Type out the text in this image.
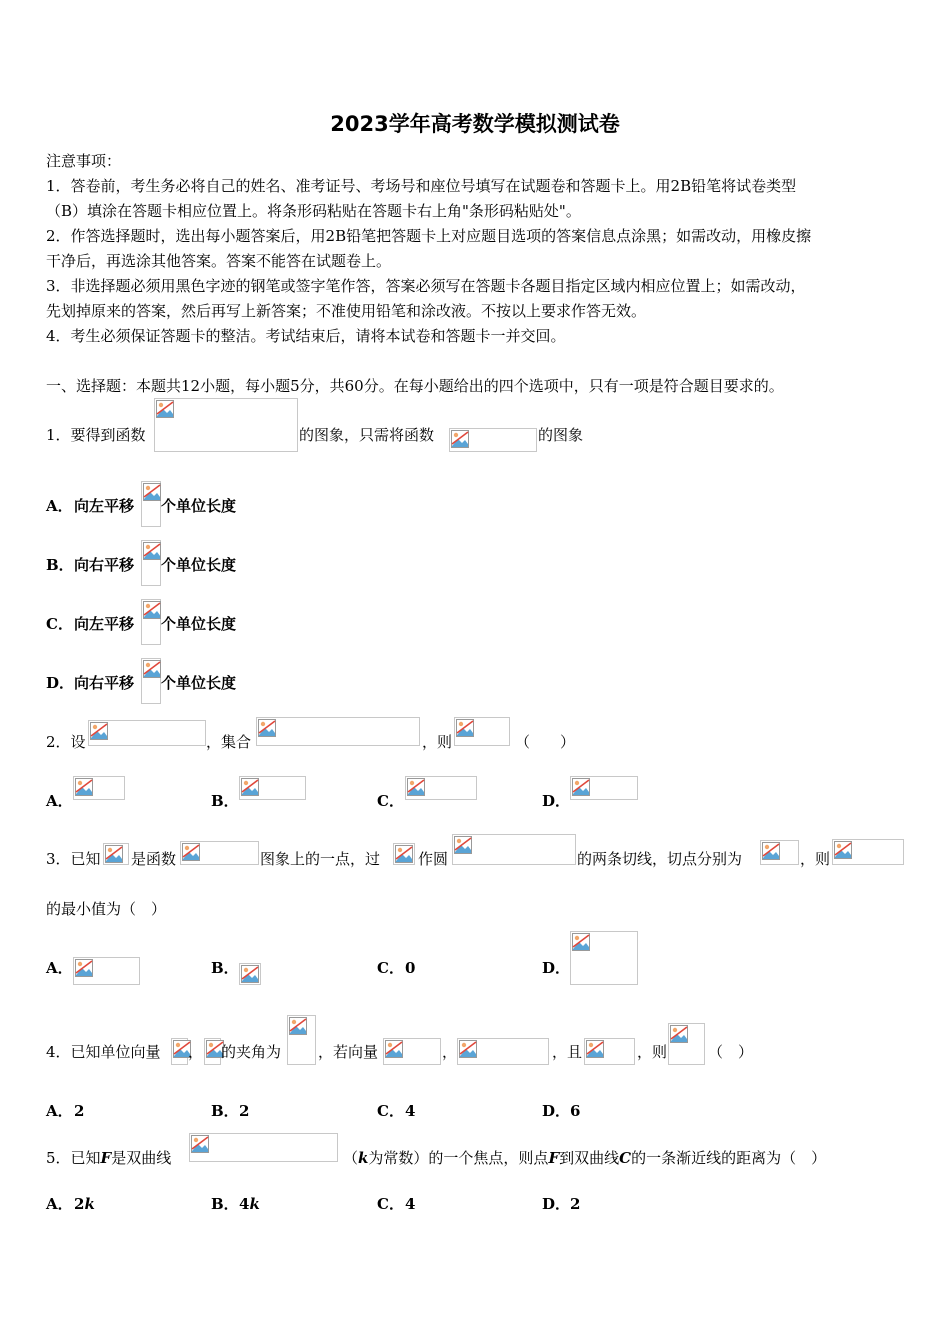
2023学年高考数学模拟测试卷
注意事项：
1．答卷前，考生务必将自己的姓名、准考证号、考场号和座位号填写在试题卷和答题卡上。用2B铅笔将试卷类型
（B）填涂在答题卡相应位置上。将条形码粘贴在答题卡右上角"条形码粘贴处"。
2．作答选择题时，选出每小题答案后，用2B铅笔把答题卡上对应题目选项的答案信息点涂黑；如需改动，用橡皮擦
干净后，再选涂其他答案。答案不能答在试题卷上。
3．非选择题必须用黑色字迹的钢笔或签字笔作答，答案必须写在答题卡各题目指定区域内相应位置上；如需改动，
先划掉原来的答案，然后再写上新答案；不准使用铅笔和涂改液。不按以上要求作答无效。
4．考生必须保证答题卡的整洁。考试结束后，请将本试卷和答题卡一并交回。
一、选择题：本题共12小题，每小题5分，共60分。在每小题给出的四个选项中，只有一项是符合题目要求的。
1．要得到函数	的图象，只需将函数	的图象
A． 向左平移 个单位长度
B． 向右平移 个单位长度
C． 向左平移 个单位长度
D． 向右平移 个单位长度
2．设	，集合	，则	（　　）
A．	B．	C．	D．
3．已知 是函数	图象上的一点，过	作圆	的两条切线，切点分别为	，则
的最小值为（　）
A．	B．	C． 0	D．
4．已知单位向量 ， 的夹角为 ，若向量	，	，且	，则	（　）
A． 2	B． 2	C． 4	D． 6
5．已知F是双曲线	（k为常数）的一个焦点，则点F到双曲线C的一条渐近线的距离为（　）
A． 2k	B． 4k	C． 4	D． 2
